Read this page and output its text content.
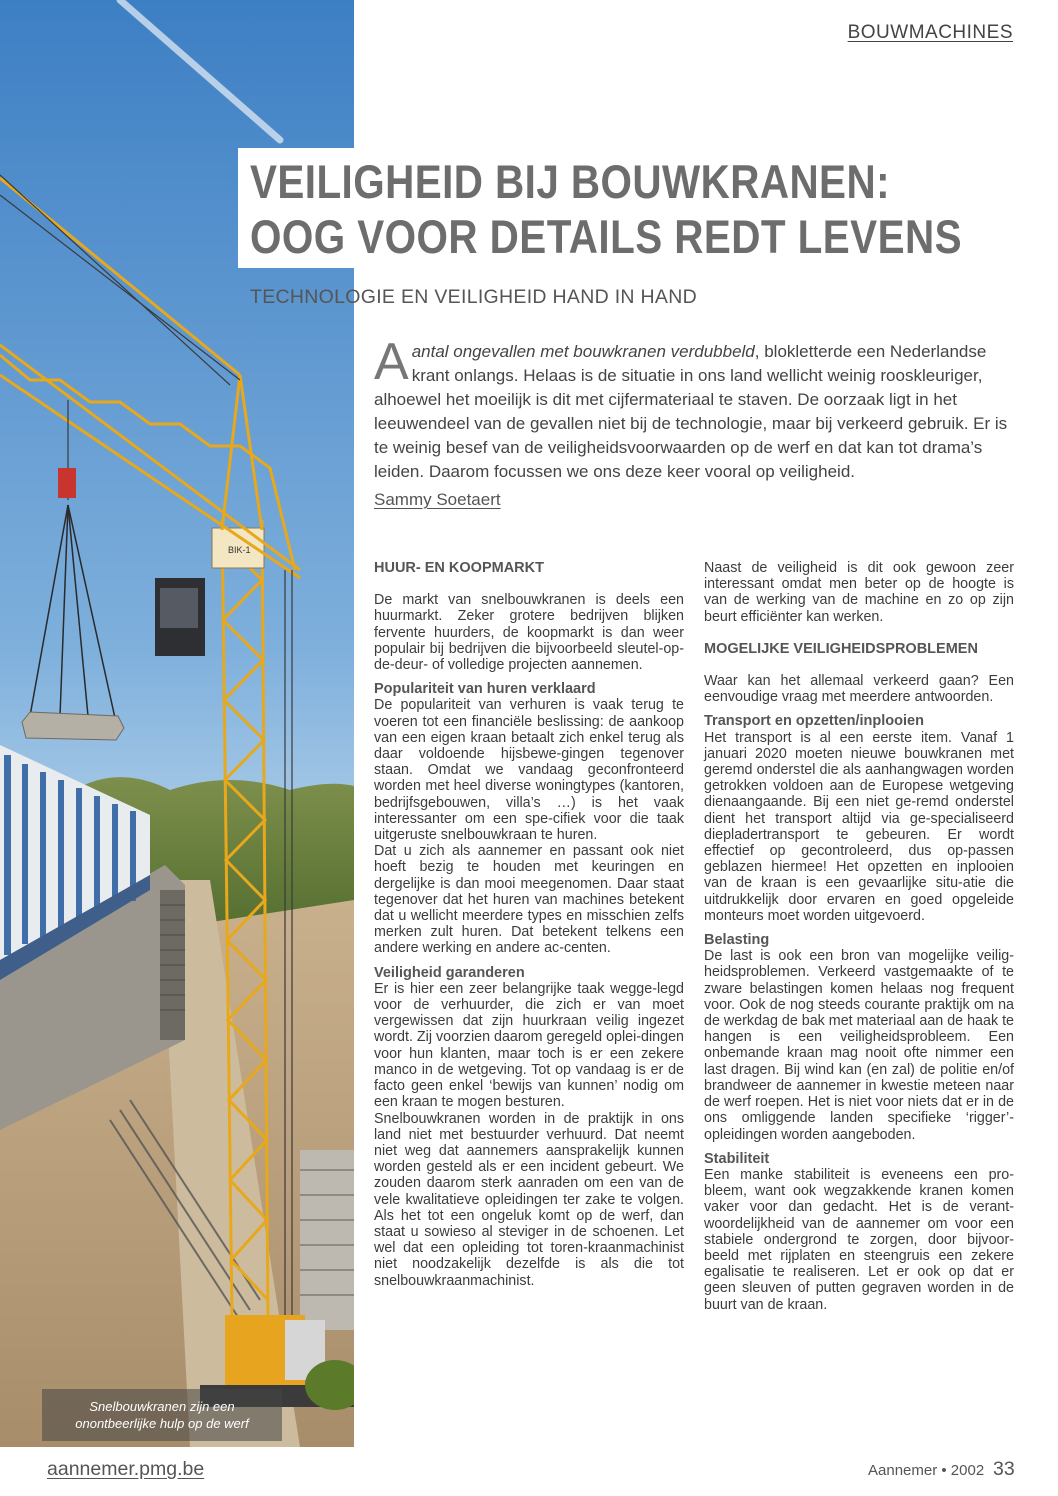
BIK-1
Snelbouwkranen zijn een
onontbeerlijke hulp op de werf
BOUWMACHINES
VEILIGHEID BIJ BOUWKRANEN:
OOG VOOR DETAILS REDT LEVENS
TECHNOLOGIE EN VEILIGHEID HAND IN HAND
Aantal ongevallen met bouwkranen verdubbeld, blokletterde een Nederlandse krant onlangs. Helaas is de situatie in ons land wellicht weinig rooskleuriger, alhoewel het moeilijk is dit met cijfermateriaal te staven. De oorzaak ligt in het leeuwendeel van de gevallen niet bij de technologie, maar bij verkeerd gebruik. Er is te weinig besef van de veiligheidsvoorwaarden op de werf en dat kan tot drama’s leiden. Daarom focussen we ons deze keer vooral op veiligheid.
Sammy Soetaert
HUUR- EN KOOPMARKT

De markt van snelbouwkranen is deels een huurmarkt. Zeker grotere bedrijven blijken fervente huurders, de koopmarkt is dan weer populair bij bedrijven die bijvoorbeeld sleutel-op-de-deur- of volledige projecten aannemen.

Populariteit van huren verklaard

De populariteit van verhuren is vaak terug te voeren tot een financiële beslissing: de aankoop van een eigen kraan betaalt zich enkel terug als daar voldoende hijsbewe-gingen tegenover staan. Omdat we vandaag geconfronteerd worden met heel diverse woningtypes (kantoren, bedrijfsgebouwen, villa’s …) is het vaak interessanter om een spe-cifiek voor die taak uitgeruste snelbouwkraan te huren.

Dat u zich als aannemer en passant ook niet hoeft bezig te houden met keuringen en dergelijke is dan mooi meegenomen. Daar staat tegenover dat het huren van machines betekent dat u wellicht meerdere types en misschien zelfs merken zult huren. Dat betekent telkens een andere werking en andere ac-centen.

Veiligheid garanderen

Er is hier een zeer belangrijke taak wegge-legd voor de verhuurder, die zich er van moet vergewissen dat zijn huurkraan veilig ingezet wordt. Zij voorzien daarom geregeld oplei-dingen voor hun klanten, maar toch is er een zekere manco in de wetgeving. Tot op vandaag is er de facto geen enkel ‘bewijs van kunnen’ nodig om een kraan te mogen besturen.

Snelbouwkranen worden in de praktijk in ons land niet met bestuurder verhuurd. Dat neemt niet weg dat aannemers aansprakelijk kunnen worden gesteld als er een incident gebeurt. We zouden daarom sterk aanraden om een van de vele kwalitatieve opleidingen ter zake te volgen. Als het tot een ongeluk komt op de werf, dan staat u sowieso al steviger in de schoenen. Let wel dat een opleiding tot toren-kraanmachinist niet noodzakelijk dezelfde is als die tot snelbouwkraanmachinist.

Naast de veiligheid is dit ook gewoon zeer interessant omdat men beter op de hoogte is van de werking van de machine en zo op zijn beurt efficiënter kan werken.

MOGELIJKE VEILIGHEIDSPROBLEMEN

Waar kan het allemaal verkeerd gaan? Een eenvoudige vraag met meerdere antwoorden.

Transport en opzetten/inplooien

Het transport is al een eerste item. Vanaf 1 januari 2020 moeten nieuwe bouwkranen met geremd onderstel die als aanhangwagen worden getrokken voldoen aan de Europese wetgeving dienaangaande. Bij een niet ge-remd onderstel dient het transport altijd via ge-specialiseerd diepladertransport te gebeuren. Er wordt effectief op gecontroleerd, dus op-passen geblazen hiermee! Het opzetten en inplooien van de kraan is een gevaarlijke situ-atie die uitdrukkelijk door ervaren en goed opgeleide monteurs moet worden uitgevoerd.

Belasting

De last is ook een bron van mogelijke veilig-heidsproblemen. Verkeerd vastgemaakte of te zware belastingen komen helaas nog frequent voor. Ook de nog steeds courante praktijk om na de werkdag de bak met materiaal aan de haak te hangen is een veiligheidsprobleem. Een onbemande kraan mag nooit ofte nimmer een last dragen. Bij wind kan (en zal) de politie en/of brandweer de aannemer in kwestie meteen naar de werf roepen. Het is niet voor niets dat er in de ons omliggende landen specifieke ‘rigger’-opleidingen worden aangeboden.

Stabiliteit

Een manke stabiliteit is eveneens een pro-bleem, want ook wegzakkende kranen komen vaker voor dan gedacht. Het is de verant-woordelijkheid van de aannemer om voor een stabiele ondergrond te zorgen, door bijvoor-beeld met rijplaten en steengruis een zekere egalisatie te realiseren. Let er ook op dat er geen sleuven of putten gegraven worden in de buurt van de kraan.

aannemer.pmg.be	Aannemer • 2002 33
